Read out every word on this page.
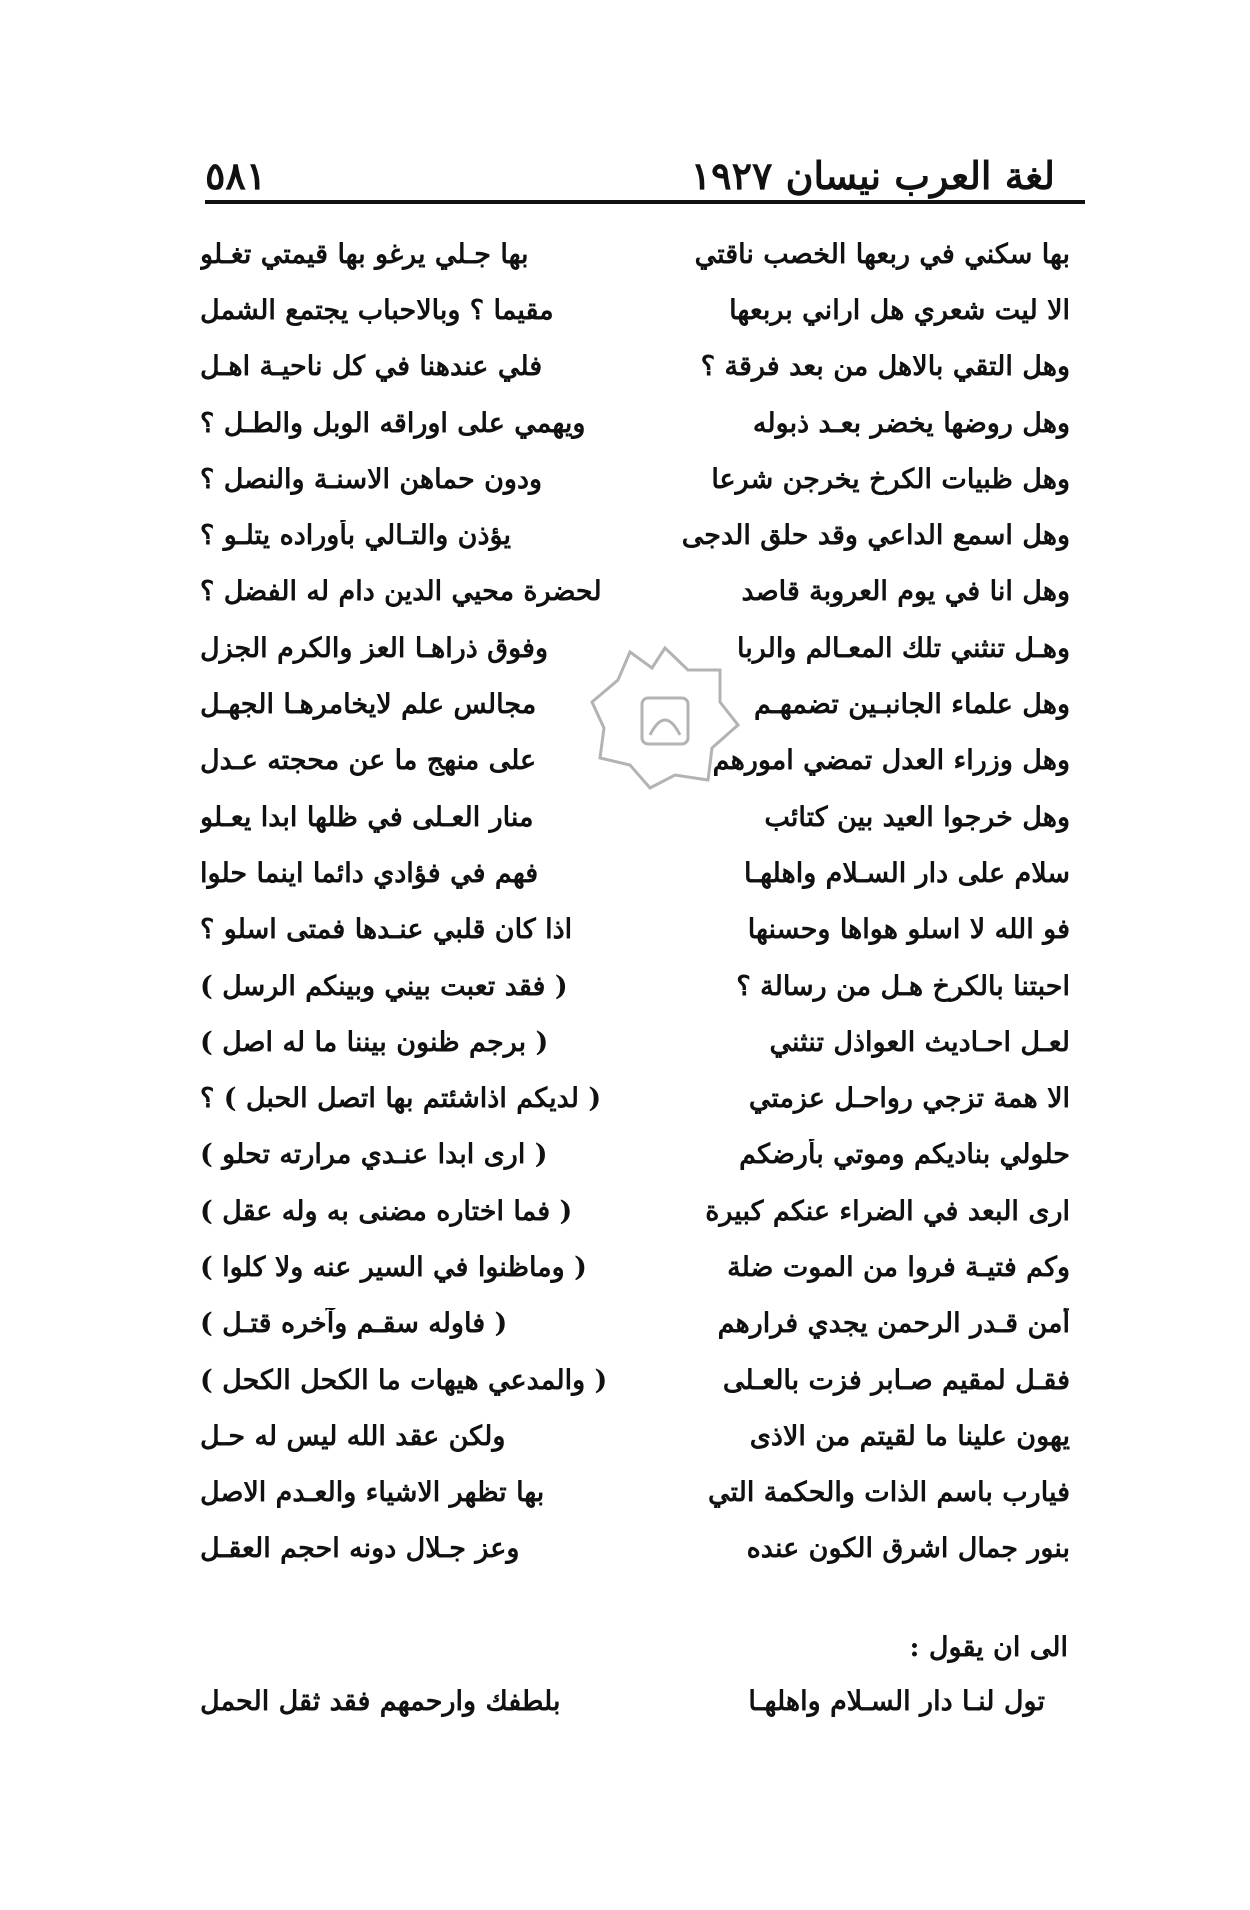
٥٨١	لغة العرب نيسان ١٩٢٧
بها سكني في ربعها الخصب ناقتي
بها جـلي يرغو بها قيمتي تغـلو
الا ليت شعري هل اراني بربعها
مقيما ؟ وبالاحباب يجتمع الشمل
وهل التقي بالاهل من بعد فرقة ؟
فلي عندهنا في كل ناحيـة اهـل
وهل روضها يخضر بعـد ذبوله
ويهمي على اوراقه الوبل والطـل ؟
وهل ظبيات الكرخ يخرجن شرعا
ودون حماهن الاسنـة والنصل ؟
وهل اسمع الداعي وقد حلق الدجى
يؤذن والتـالي بأوراده يتلـو ؟
وهل انا في يوم العروبة قاصد
لحضرة محيي الدين دام له الفضل ؟
وهـل تنثني تلك المعـالم والربا
وفوق ذراهـا العز والكرم الجزل
وهل علماء الجانبـين تضمهـم
مجالس علم لايخامرهـا الجهـل
وهل وزراء العدل تمضي امورهم
على منهج ما عن محجته عـدل
وهل خرجوا العيد بين كتائب
منار العـلى في ظلها ابدا يعـلو
سلام على دار السـلام واهلهـا
فهم في فؤادي دائما اينما حلوا
فو الله لا اسلو هواها وحسنها
اذا كان قلبي عنـدها فمتى اسلو ؟
احبتنا بالكرخ هـل من رسالة ؟
( فقد تعبت بيني وبينكم الرسل )
لعـل احـاديث العواذل تنثني
( برجم ظنون بيننا ما له اصل )
الا همة تزجي رواحـل عزمتي
( لديكم اذاشئتم بها اتصل الحبل ) ؟
حلولي بناديكم وموتي بأرضكم
( ارى ابدا عنـدي مرارته تحلو )
ارى البعد في الضراء عنكم كبيرة
( فما اختاره مضنى به وله عقل )
وكم فتيـة فروا من الموت ضلة
( وماظنوا في السير عنه ولا كلوا )
أمن قـدر الرحمن يجدي فرارهم
( فاوله سقـم وآخره قتـل )
فقـل لمقيم صـابر فزت بالعـلى
( والمدعي هيهات ما الكحل الكحل )
يهون علينا ما لقيتم من الاذى
ولكن عقد الله ليس له حـل
فيارب باسم الذات والحكمة التي
بها تظهر الاشياء والعـدم الاصل
بنور جمال اشرق الكون عنده
وعز جـلال دونه احجم العقـل
الى ان يقول :
تول لنـا دار السـلام واهلهـا
بلطفك وارحمهم فقد ثقل الحمل
